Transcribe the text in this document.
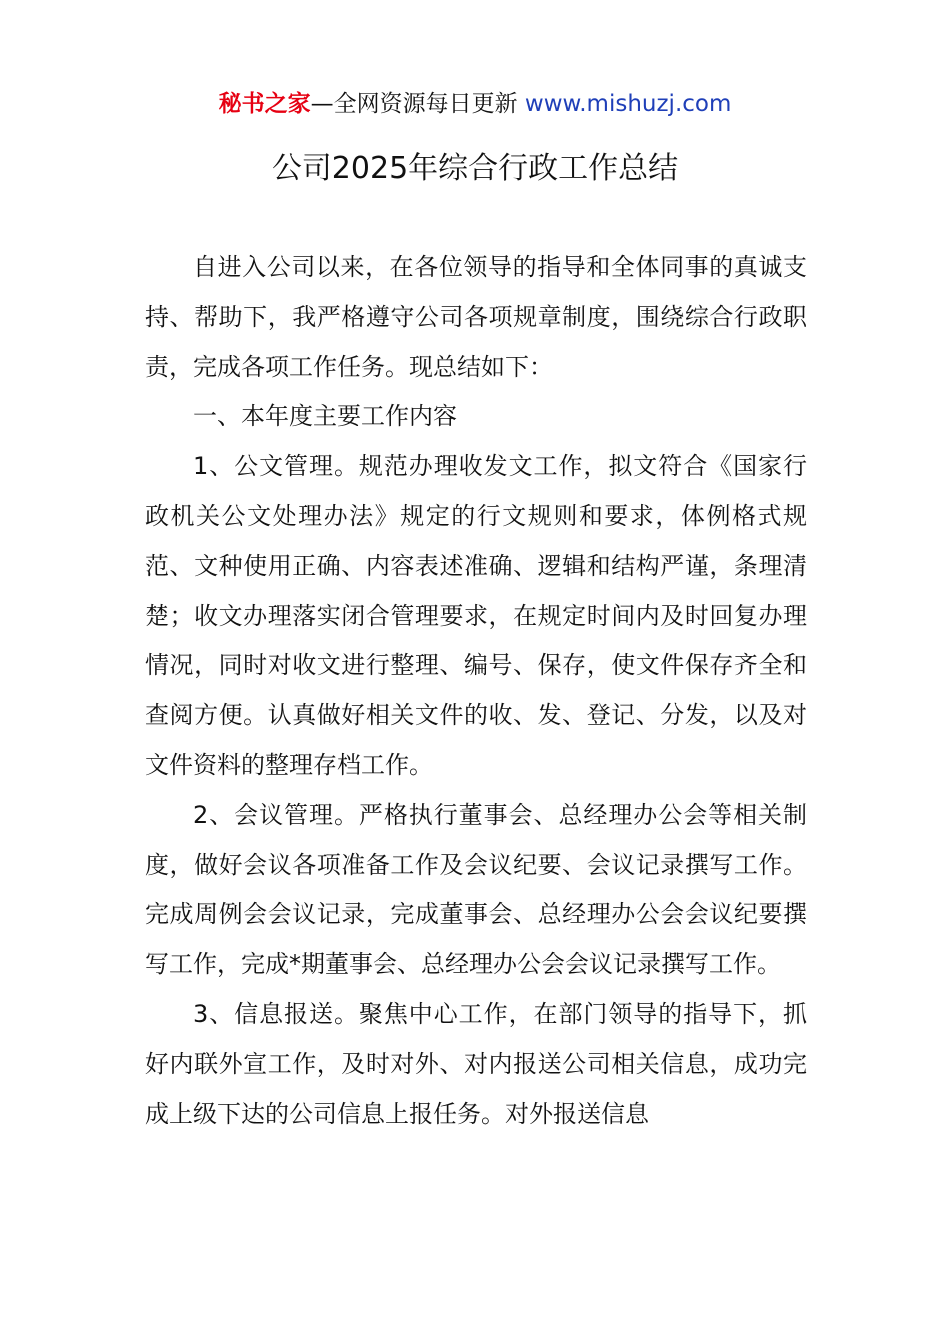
秘书之家—全网资源每日更新 www.mishuzj.com
公司2025年综合行政工作总结

自进入公司以来，在各位领导的指导和全体同事的真诚支持、帮助下，我严格遵守公司各项规章制度，围绕综合行政职责，完成各项工作任务。现总结如下：

一、本年度主要工作内容

1、公文管理。规范办理收发文工作，拟文符合《国家行政机关公文处理办法》规定的行文规则和要求，体例格式规范、文种使用正确、内容表述准确、逻辑和结构严谨，条理清楚；收文办理落实闭合管理要求，在规定时间内及时回复办理情况，同时对收文进行整理、编号、保存，使文件保存齐全和查阅方便。认真做好相关文件的收、发、登记、分发，以及对文件资料的整理存档工作。

2、会议管理。严格执行董事会、总经理办公会等相关制度，做好会议各项准备工作及会议纪要、会议记录撰写工作。完成周例会会议记录，完成董事会、总经理办公会会议纪要撰写工作，完成*期董事会、总经理办公会会议记录撰写工作。

3、信息报送。聚焦中心工作，在部门领导的指导下，抓好内联外宣工作，及时对外、对内报送公司相关信息，成功完成上级下达的公司信息上报任务。对外报送信息
